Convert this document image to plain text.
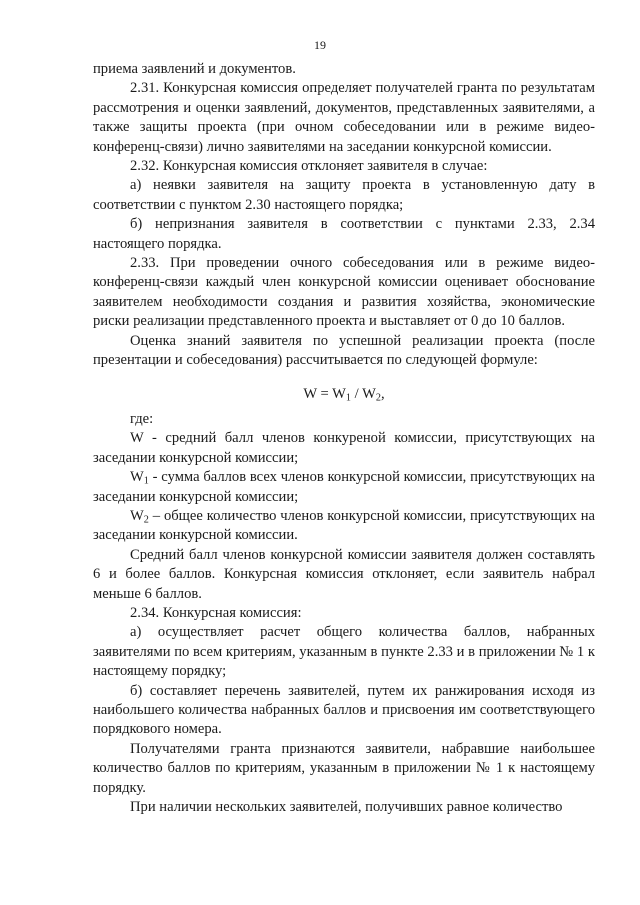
19

приема заявлений и документов.

2.31. Конкурсная комиссия определяет получателей гранта по результатам рассмотрения и оценки заявлений, документов, представленных заявителями, а также защиты проекта (при очном собеседовании или в режиме видео-конференц-связи) лично заявителями на заседании конкурсной комиссии.

2.32. Конкурсная комиссия отклоняет заявителя в случае:

а) неявки заявителя на защиту проекта в установленную дату в соответствии с пунктом 2.30 настоящего порядка;

б) непризнания заявителя в соответствии с пунктами 2.33, 2.34 настоящего порядка.

2.33. При проведении очного собеседования или в режиме видео-конференц-связи каждый член конкурсной комиссии оценивает обоснование заявителем необходимости создания и развития хозяйства, экономические риски реализации представленного проекта и выставляет от 0 до 10 баллов.

Оценка знаний заявителя по успешной реализации проекта (после презентации и собеседования) рассчитывается по следующей формуле:

$W = W_1 / W_2$,

где:

W - средний балл членов конкуреной комиссии, присутствующих на заседании конкурсной комиссии;

$W_1$ - сумма баллов всех членов конкурсной комиссии, присутствующих на заседании конкурсной комиссии;

$W_2$ – общее количество членов конкурсной комиссии, присутствующих на заседании конкурсной комиссии.

Средний балл членов конкурсной комиссии заявителя должен составлять 6 и более баллов. Конкурсная комиссия отклоняет, если заявитель набрал меньше 6 баллов.

2.34. Конкурсная комиссия:

а) осуществляет расчет общего количества баллов, набранных заявителями по всем критериям, указанным в пункте 2.33 и в приложении № 1 к настоящему порядку;

б) составляет перечень заявителей, путем их ранжирования исходя из наибольшего количества набранных баллов и присвоения им соответствующего порядкового номера.

Получателями гранта признаются заявители, набравшие наибольшее количество баллов по критериям, указанным в приложении № 1 к настоящему порядку.

При наличии нескольких заявителей, получивших равное количество
